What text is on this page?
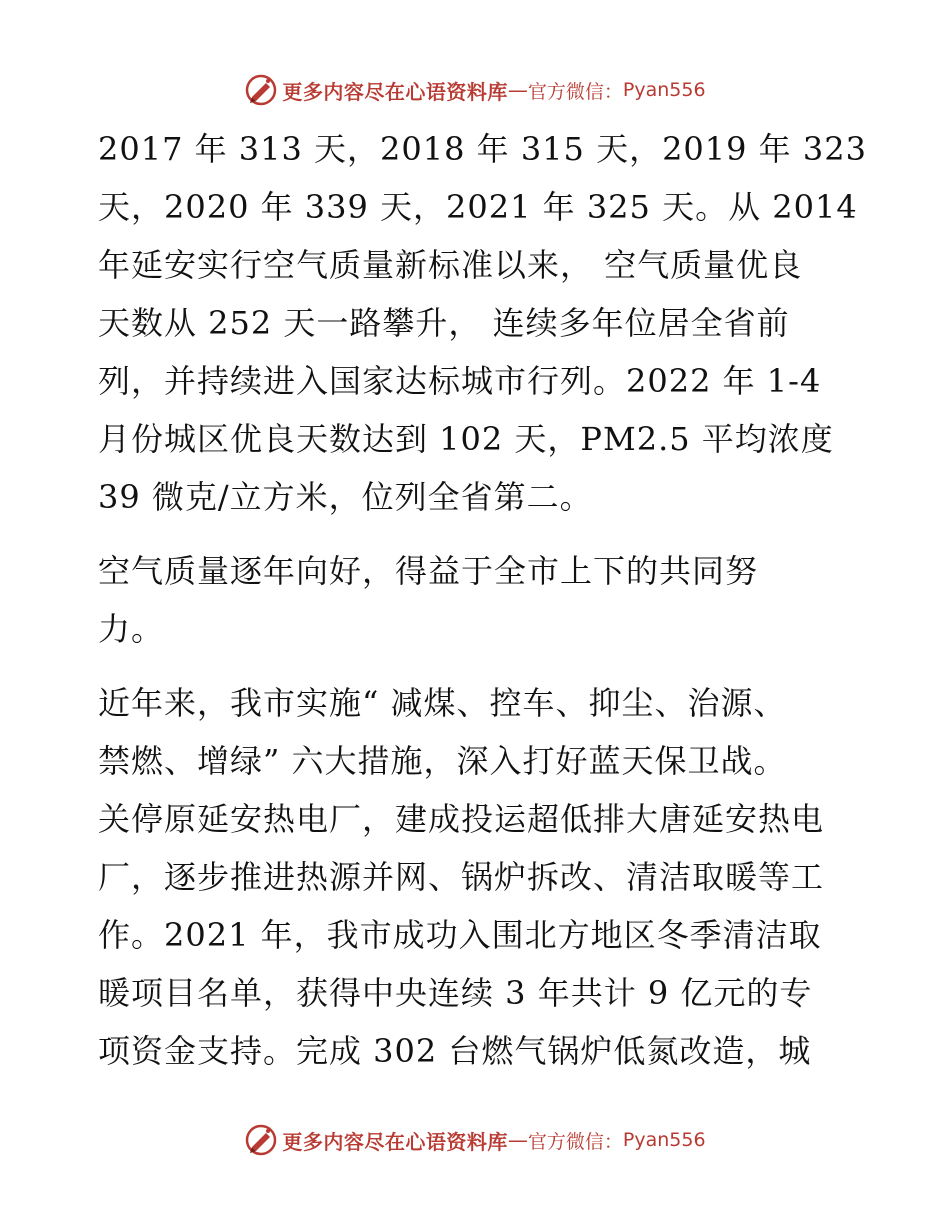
更多内容尽在心语资料库 — 官方微信： Pyan556
2017 年 313 天，2018 年 315 天，2019 年 323
天，2020 年 339 天，2021 年 325 天。从 2014
年延安实行空气质量新标准以来， 空气质量优良
天数从 252 天一路攀升， 连续多年位居全省前
列，并持续进入国家达标城市行列。2022 年 1-4
月份城区优良天数达到 102 天，PM2.5 平均浓度
39 微克/立方米，位列全省第二。
空气质量逐年向好，得益于全市上下的共同努
力。
近年来，我市实施“ 减煤、控车、抑尘、治源、
禁燃、增绿” 六大措施，深入打好蓝天保卫战。
关停原延安热电厂，建成投运超低排大唐延安热电
厂，逐步推进热源并网、锅炉拆改、清洁取暖等工
作。2021 年，我市成功入围北方地区冬季清洁取
暖项目名单，获得中央连续 3 年共计 9 亿元的专
项资金支持。完成 302 台燃气锅炉低氮改造，城
更多内容尽在心语资料库 — 官方微信： Pyan556
